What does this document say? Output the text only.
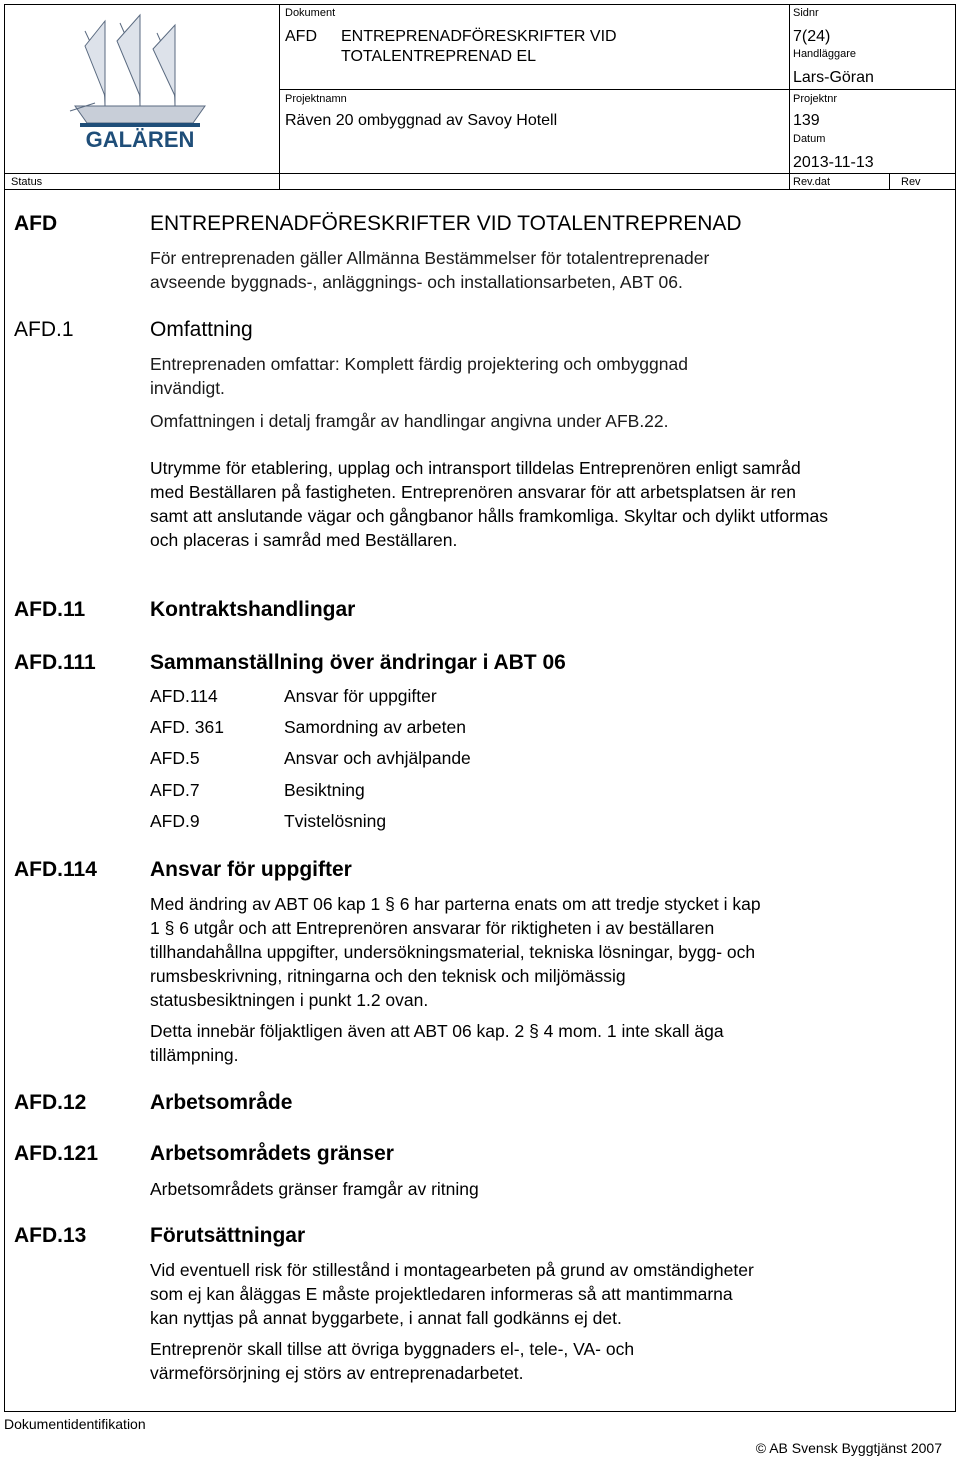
GALÄREN
Dokument
AFD ENTREPRENADFÖRESKRIFTER VID
TOTALENTREPRENAD EL
Sidnr
7(24)
Handläggare
Lars-Göran
Projektnamn
Räven 20 ombyggnad av Savoy Hotell
Projektnr
139
Datum
2013-11-13
Status	Rev.dat	Rev
AFD	ENTREPRENADFÖRESKRIFTER VID TOTALENTREPRENAD
För entreprenaden gäller Allmänna Bestämmelser för totalentreprenader
avseende byggnads-, anläggnings- och installationsarbeten, ABT 06.
AFD.1	Omfattning
Entreprenaden omfattar: Komplett färdig projektering och ombyggnad
invändigt.
Omfattningen i detalj framgår av handlingar angivna under AFB.22.
Utrymme för etablering, upplag och intransport tilldelas Entreprenören enligt samråd
med Beställaren på fastigheten. Entreprenören ansvarar för att arbetsplatsen är ren
samt att anslutande vägar och gångbanor hålls framkomliga. Skyltar och dylikt utformas
och placeras i samråd med Beställaren.
AFD.11	Kontraktshandlingar
AFD.111	Sammanställning över ändringar i ABT 06
AFD.114	Ansvar för uppgifter
AFD. 361	Samordning av arbeten
AFD.5	Ansvar och avhjälpande
AFD.7	Besiktning
AFD.9	Tvistelösning
AFD.114	Ansvar för uppgifter
Med ändring av ABT 06 kap 1 § 6 har parterna enats om att tredje stycket i kap
1 § 6 utgår och att Entreprenören ansvarar för riktigheten i av beställaren
tillhandahållna uppgifter, undersökningsmaterial, tekniska lösningar, bygg- och
rumsbeskrivning, ritningarna och den teknisk och miljömässig
statusbesiktningen i punkt 1.2 ovan.
Detta innebär följaktligen även att ABT 06 kap. 2 § 4 mom. 1 inte skall äga
tillämpning.
AFD.12	Arbetsområde
AFD.121 Arbetsområdets gränser
Arbetsområdets gränser framgår av ritning
AFD.13	Förutsättningar
Vid eventuell risk för stillestånd i montagearbeten på grund av omständigheter
som ej kan åläggas E måste projektledaren informeras så att mantimmarna
kan nyttjas på annat byggarbete, i annat fall godkänns ej det.
Entreprenör skall tillse att övriga byggnaders el-, tele-, VA- och
värmeförsörjning ej störs av entreprenadarbetet.
Dokumentidentifikation
© AB Svensk Byggtjänst 2007
